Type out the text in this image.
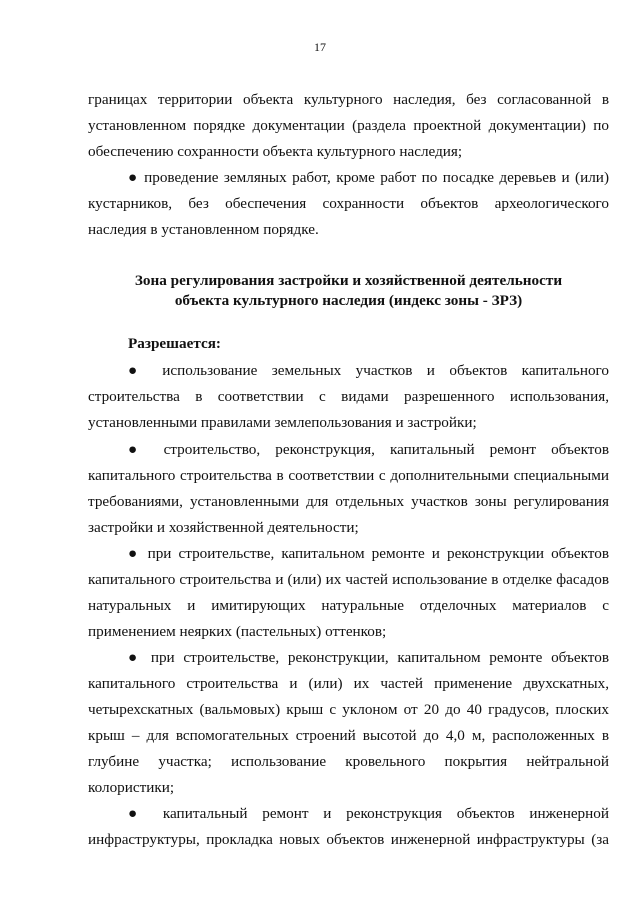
17
границах территории объекта культурного наследия, без согласованной в
установленном порядке документации (раздела проектной документации) по
обеспечению сохранности объекта культурного наследия;
● проведение земляных работ, кроме работ по посадке деревьев и (или)
кустарников, без обеспечения сохранности объектов археологического
наследия в установленном порядке.
Зона регулирования застройки и хозяйственной деятельности
объекта культурного наследия (индекс зоны - ЗРЗ)
Разрешается:
● использование земельных участков и объектов капитального
строительства в соответствии с видами разрешенного использования,
установленными правилами землепользования и застройки;
● строительство, реконструкция, капитальный ремонт объектов
капитального строительства в соответствии с дополнительными специальными
требованиями, установленными для отдельных участков зоны регулирования
застройки и хозяйственной деятельности;
● при строительстве, капитальном ремонте и реконструкции объектов
капитального строительства и (или) их частей использование в отделке фасадов
натуральных и имитирующих натуральные отделочных материалов с
применением неярких (пастельных) оттенков;
● при строительстве, реконструкции, капитальном ремонте объектов
капитального строительства и (или) их частей применение двухскатных,
четырехскатных (вальмовых) крыш с уклоном от 20 до 40 градусов, плоских
крыш – для вспомогательных строений высотой до 4,0 м, расположенных в
глубине участка; использование кровельного покрытия нейтральной
колористики;
● капитальный ремонт и реконструкция объектов инженерной
инфраструктуры, прокладка новых объектов инженерной инфраструктуры (за
